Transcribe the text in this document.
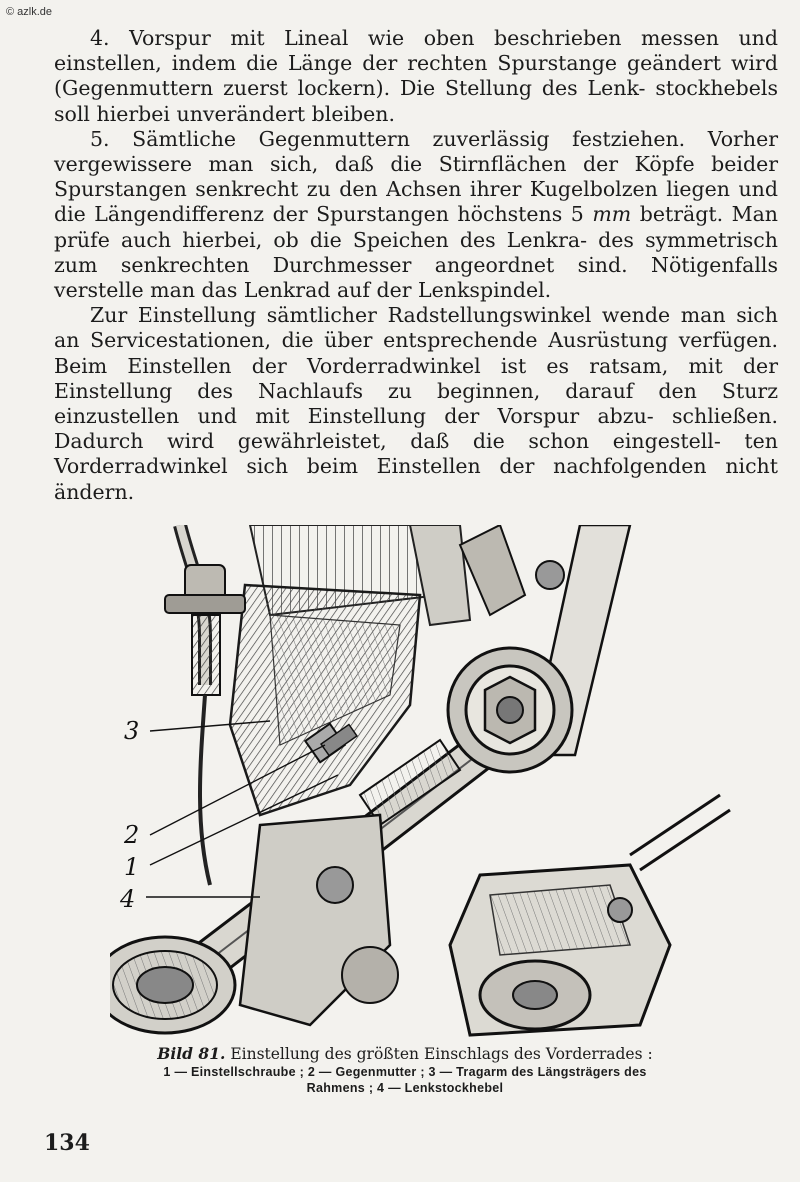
© azlk.de

4. Vorspur mit Lineal wie oben beschrieben messen und einstellen, indem die Länge der rechten Spurstange geändert wird (Gegenmuttern zuerst lockern). Die Stellung des Lenk- stockhebels soll hierbei unverändert bleiben.

5. Sämtliche Gegenmuttern zuverlässig festziehen. Vorher vergewissere man sich, daß die Stirnflächen der Köpfe beider Spurstangen senkrecht zu den Achsen ihrer Kugelbolzen liegen und die Längendifferenz der Spurstangen höchstens 5 mm beträgt. Man prüfe auch hierbei, ob die Speichen des Lenkra- des symmetrisch zum senkrechten Durchmesser angeordnet sind. Nötigenfalls verstelle man das Lenkrad auf der Lenkspindel.

Zur Einstellung sämtlicher Radstellungswinkel wende man sich an Servicestationen, die über entsprechende Ausrüstung verfügen. Beim Einstellen der Vorderradwinkel ist es ratsam, mit der Einstellung des Nachlaufs zu beginnen, darauf den Sturz einzustellen und mit Einstellung der Vorspur abzu- schließen. Dadurch wird gewährleistet, daß die schon eingestell- ten Vorderradwinkel sich beim Einstellen der nachfolgenden nicht ändern.

3
2
1
4
Bild 81. Einstellung des größten Einschlags des Vorderrades :
1 — Einstellschraube ; 2 — Gegenmutter ; 3 — Tragarm des Längsträgers des
Rahmens ; 4 — Lenkstockhebel
134
